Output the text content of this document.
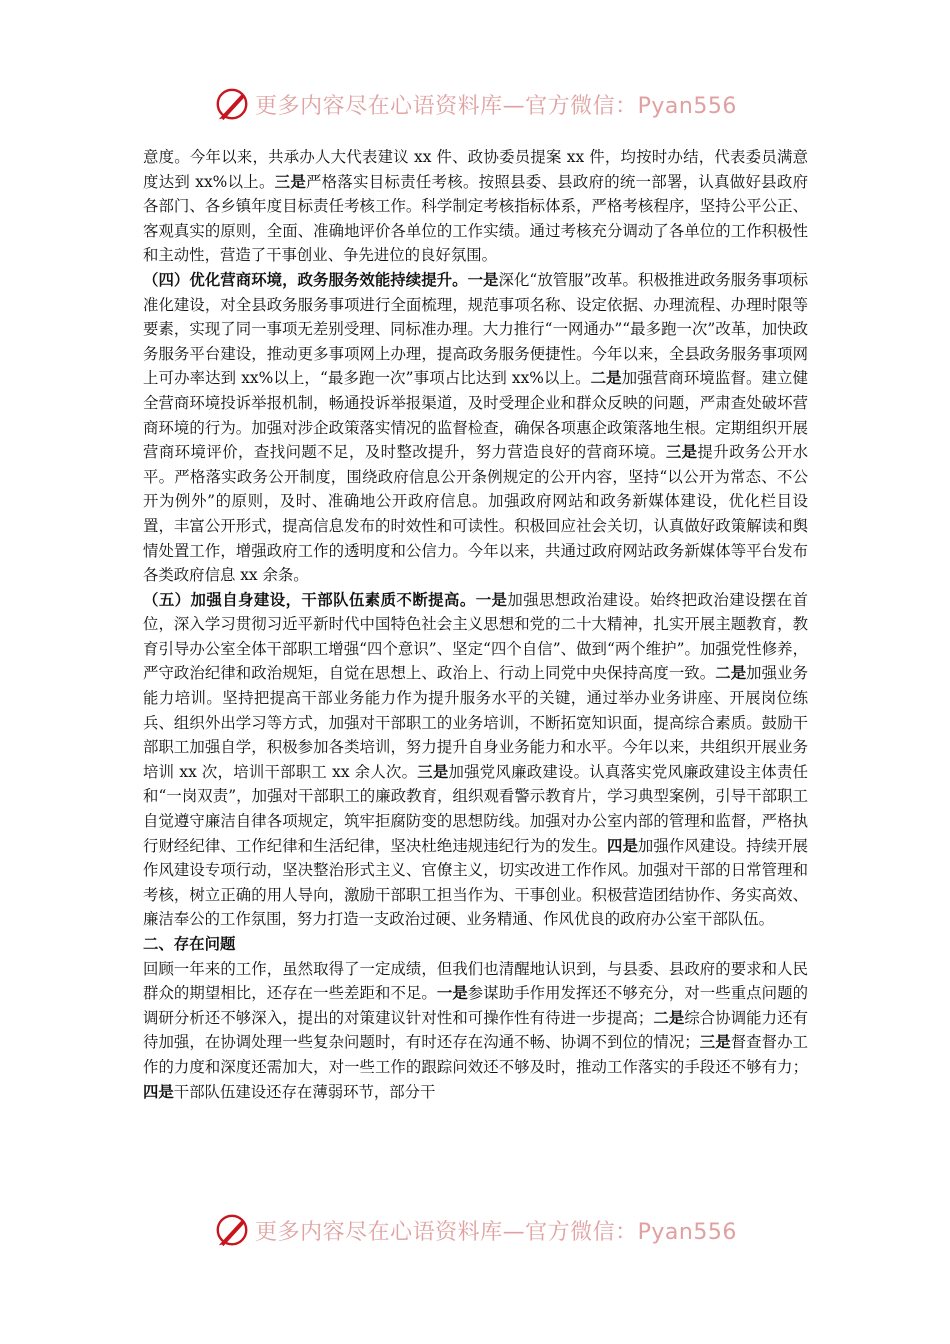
更多内容尽在心语资料库—官方微信：Pyan556

意度。今年以来，共承办人大代表建议 xx 件、政协委员提案 xx 件，均按时办结，代表委员满意度达到 xx%以上。三是严格落实目标责任考核。按照县委、县政府的统一部署，认真做好县政府各部门、各乡镇年度目标责任考核工作。科学制定考核指标体系，严格考核程序，坚持公平公正、客观真实的原则，全面、准确地评价各单位的工作实绩。通过考核充分调动了各单位的工作积极性和主动性，营造了干事创业、争先进位的良好氛围。

（四）优化营商环境，政务服务效能持续提升。一是深化“放管服”改革。积极推进政务服务事项标准化建设，对全县政务服务事项进行全面梳理，规范事项名称、设定依据、办理流程、办理时限等要素，实现了同一事项无差别受理、同标准办理。大力推行“一网通办”“最多跑一次”改革，加快政务服务平台建设，推动更多事项网上办理，提高政务服务便捷性。今年以来，全县政务服务事项网上可办率达到 xx%以上，“最多跑一次”事项占比达到 xx%以上。二是加强营商环境监督。建立健全营商环境投诉举报机制，畅通投诉举报渠道，及时受理企业和群众反映的问题，严肃查处破坏营商环境的行为。加强对涉企政策落实情况的监督检查，确保各项惠企政策落地生根。定期组织开展营商环境评价，查找问题不足，及时整改提升，努力营造良好的营商环境。三是提升政务公开水平。严格落实政务公开制度，围绕政府信息公开条例规定的公开内容，坚持“以公开为常态、不公开为例外”的原则，及时、准确地公开政府信息。加强政府网站和政务新媒体建设，优化栏目设置，丰富公开形式，提高信息发布的时效性和可读性。积极回应社会关切，认真做好政策解读和舆情处置工作，增强政府工作的透明度和公信力。今年以来，共通过政府网站政务新媒体等平台发布各类政府信息 xx 余条。

（五）加强自身建设，干部队伍素质不断提高。一是加强思想政治建设。始终把政治建设摆在首位，深入学习贯彻习近平新时代中国特色社会主义思想和党的二十大精神，扎实开展主题教育，教育引导办公室全体干部职工增强“四个意识”、坚定“四个自信”、做到“两个维护”。加强党性修养，严守政治纪律和政治规矩，自觉在思想上、政治上、行动上同党中央保持高度一致。二是加强业务能力培训。坚持把提高干部业务能力作为提升服务水平的关键，通过举办业务讲座、开展岗位练兵、组织外出学习等方式，加强对干部职工的业务培训，不断拓宽知识面，提高综合素质。鼓励干部职工加强自学，积极参加各类培训，努力提升自身业务能力和水平。今年以来，共组织开展业务培训 xx 次，培训干部职工 xx 余人次。三是加强党风廉政建设。认真落实党风廉政建设主体责任和“一岗双责”，加强对干部职工的廉政教育，组织观看警示教育片，学习典型案例，引导干部职工自觉遵守廉洁自律各项规定，筑牢拒腐防变的思想防线。加强对办公室内部的管理和监督，严格执行财经纪律、工作纪律和生活纪律，坚决杜绝违规违纪行为的发生。四是加强作风建设。持续开展作风建设专项行动，坚决整治形式主义、官僚主义，切实改进工作作风。加强对干部的日常管理和考核，树立正确的用人导向，激励干部职工担当作为、干事创业。积极营造团结协作、务实高效、廉洁奉公的工作氛围，努力打造一支政治过硬、业务精通、作风优良的政府办公室干部队伍。

二、存在问题

回顾一年来的工作，虽然取得了一定成绩，但我们也清醒地认识到，与县委、县政府的要求和人民群众的期望相比，还存在一些差距和不足。一是参谋助手作用发挥还不够充分，对一些重点问题的调研分析还不够深入，提出的对策建议针对性和可操作性有待进一步提高；二是综合协调能力还有待加强，在协调处理一些复杂问题时，有时还存在沟通不畅、协调不到位的情况；三是督查督办工作的力度和深度还需加大，对一些工作的跟踪问效还不够及时，推动工作落实的手段还不够有力；四是干部队伍建设还存在薄弱环节，部分干

更多内容尽在心语资料库—官方微信：Pyan556
